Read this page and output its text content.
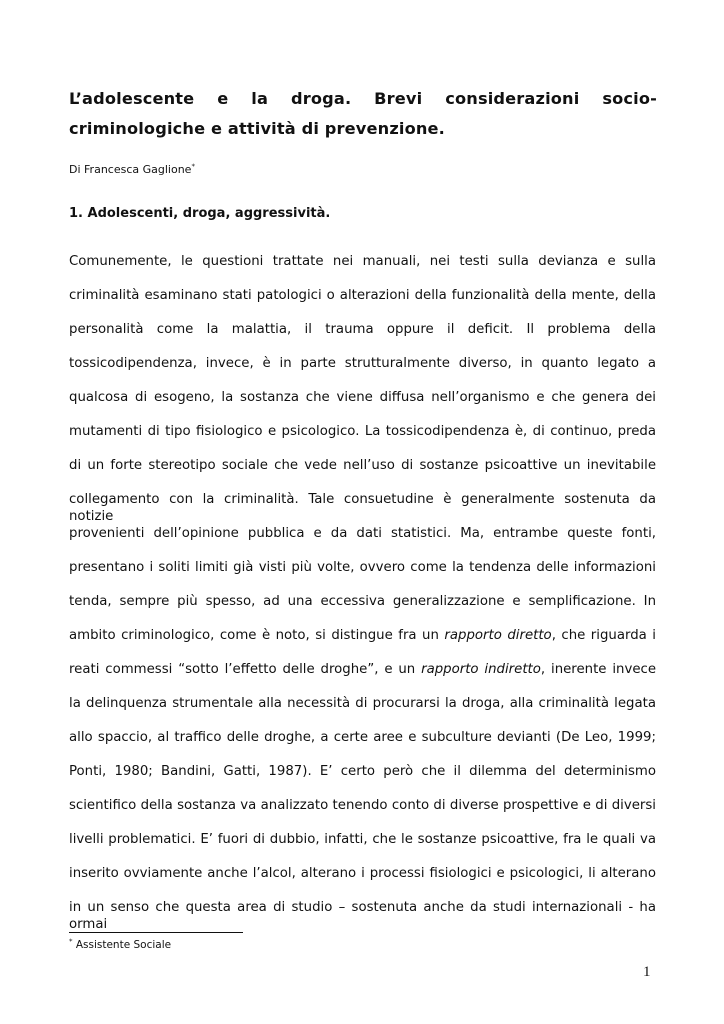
L’adolescente e la droga. Brevi considerazioni socio-criminologiche e attività di prevenzione.

Di Francesca Gaglione*

1. Adolescenti, droga, aggressività.

Comunemente, le questioni trattate nei manuali, nei testi sulla devianza e sulla
criminalità esaminano stati patologici o alterazioni della funzionalità della mente, della
personalità come la malattia, il trauma oppure il deficit. Il problema della
tossicodipendenza, invece, è in parte strutturalmente diverso, in quanto legato a
qualcosa di esogeno, la sostanza che viene diffusa nell’organismo e che genera dei
mutamenti di tipo fisiologico e psicologico. La tossicodipendenza è, di continuo, preda
di un forte stereotipo sociale che vede nell’uso di sostanze psicoattive un inevitabile
collegamento con la criminalità. Tale consuetudine è generalmente sostenuta da notizie
provenienti dell’opinione pubblica e da dati statistici. Ma, entrambe queste fonti,
presentano i soliti limiti già visti più volte, ovvero come la tendenza delle informazioni
tenda, sempre più spesso, ad una eccessiva generalizzazione e semplificazione. In
ambito criminologico, come è noto, si distingue fra un rapporto diretto, che riguarda i
reati commessi “sotto l’effetto delle droghe”, e un rapporto indiretto, inerente invece
la delinquenza strumentale alla necessità di procurarsi la droga, alla criminalità legata
allo spaccio, al traffico delle droghe, a certe aree e subculture devianti (De Leo, 1999;
Ponti, 1980; Bandini, Gatti, 1987). E’ certo però che il dilemma del determinismo
scientifico della sostanza va analizzato tenendo conto di diverse prospettive e di diversi
livelli problematici. E’ fuori di dubbio, infatti, che le sostanze psicoattive, fra le quali va
inserito ovviamente anche l’alcol, alterano i processi fisiologici e psicologici, li alterano
in un senso che questa area di studio – sostenuta anche da studi internazionali - ha ormai

* Assistente Sociale

1
